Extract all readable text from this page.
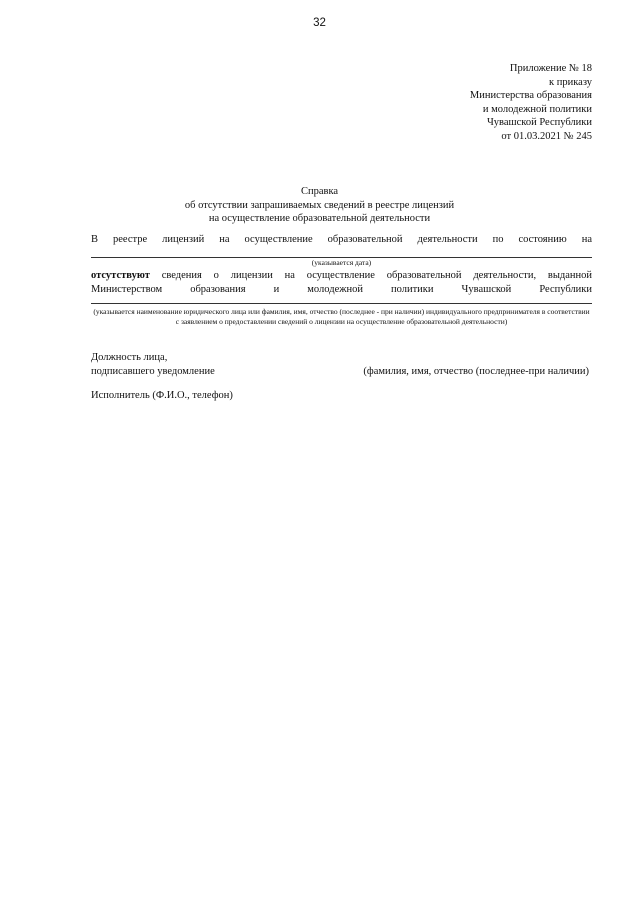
32
Приложение № 18
к приказу
Министерства образования
и молодежной политики
Чувашской Республики
от 01.03.2021 № 245
Справка
об отсутствии запрашиваемых сведений в реестре лицензий
на осуществление образовательной деятельности
В реестре лицензий на осуществление образовательной деятельности по состоянию на
(указывается дата)
отсутствуют сведения о лицензии на осуществление образовательной деятельности, выданной
Министерством образования и молодежной политики Чувашской Республики
(указывается наименование юридического лица или фамилия, имя, отчество (последнее - при наличии) индивидуального предпринимателя в соответствии с заявлением о предоставлении сведений о лицензии на осуществление образовательной деятельности)
Должность лица,
подписавшего уведомление	(фамилия, имя, отчество (последнее-при наличии)
Исполнитель (Ф.И.О., телефон)
